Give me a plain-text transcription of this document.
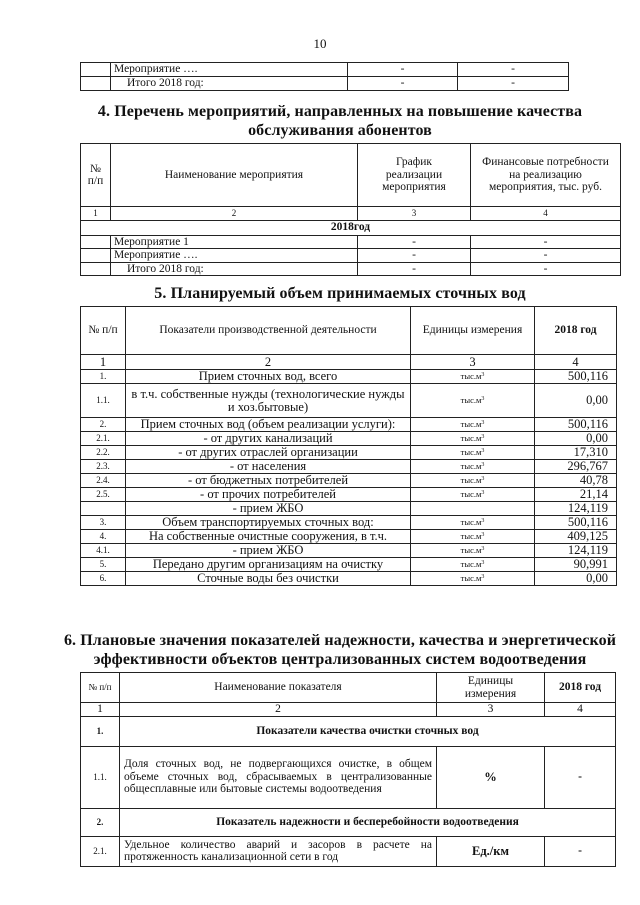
10
	Мероприятие ….	-	-
	Итого 2018 год:	-	-
4. Перечень мероприятий, направленных на повышение качества
обслуживания абонентов
№ п/п	Наименование мероприятия	График реализации мероприятия	Финансовые потребности на реализацию мероприятия, тыс. руб.
1	2	3	4
2018год			
	Мероприятие 1	-	-
	Мероприятие ….	-	-
	Итого 2018 год:	-	-
5. Планируемый объем принимаемых сточных вод
№ п/п	Показатели производственной деятельности	Единицы измерения	2018 год
1	2	3	4
1.	Прием сточных вод, всего	$тыс.м^3$	500,116
1.1.	в т.ч. собственные нужды (технологические нужды и хоз.бытовые)	$тыс.м^3$	0,00
2.	Прием сточных вод (объем реализации услуги):	$тыс.м^3$	500,116
2.1.	- от других канализаций	$тыс.м^3$	0,00
2.2.	- от других отраслей организации	$тыс.м^3$	17,310
2.3.	- от населения	$тыс.м^3$	296,767
2.4.	- от бюджетных потребителей	$тыс.м^3$	40,78
2.5.	- от прочих потребителей	$тыс.м^3$	21,14
	- прием ЖБО		124,119
3.	Объем транспортируемых сточных вод:	$тыс.м^3$	500,116
4.	На собственные очистные сооружения, в т.ч.	$тыс.м^3$	409,125
4.1.	- прием ЖБО	$тыс.м^3$	124,119
5.	Передано другим организациям на очистку	$тыс.м^3$	90,991
6.	Сточные воды без очистки	$тыс.м^3$	0,00
6. Плановые значения показателей надежности, качества и энергетической
эффективности объектов централизованных систем водоотведения
№ п/п	Наименование показателя	Единицы измерения	2018 год
1	2	3	4
1.	Показатели качества очистки сточных вод		
1.1.	Доля сточных вод, не подвергающихся очистке, в общем объеме сточных вод, сбрасываемых в централизованные общесплавные или бытовые системы водоотведения	%	-
2.	Показатель надежности и бесперебойности водоотведения		
2.1.	Удельное количество аварий и засоров в расчете на протяженность канализационной сети в год	Ед./км	-
